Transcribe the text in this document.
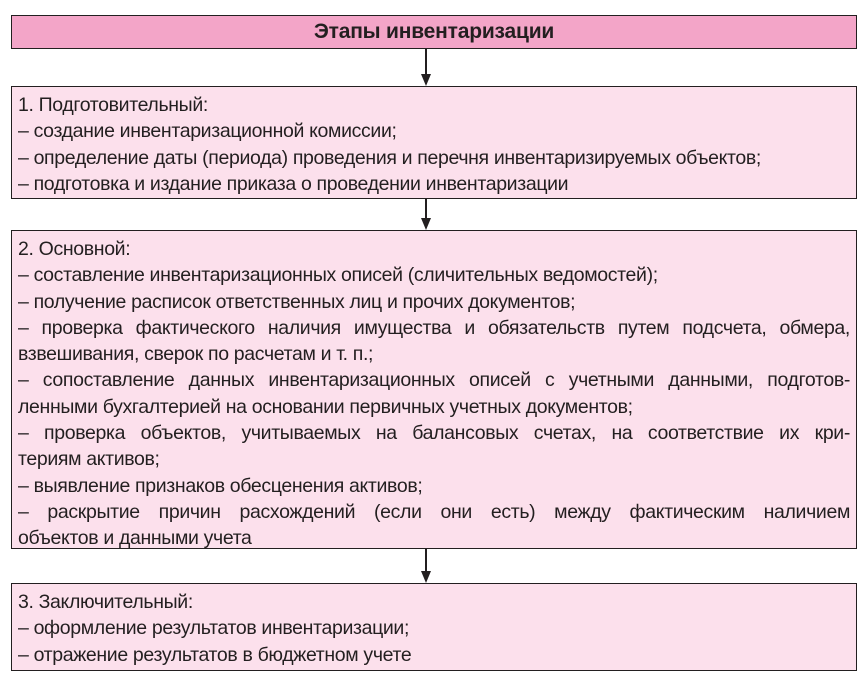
Этапы инвентаризации
1. Подготовительный:
– создание инвентаризационной комиссии;
– определение даты (периода) проведения и перечня инвентаризируемых объектов;
– подготовка и издание приказа о проведении инвентаризации
2. Основной:
– составление инвентаризационных описей (сличительных ведомостей);
– получение расписок ответственных лиц и прочих документов;
– проверка фактического наличия имущества и обязательств путем подсчета, обмера,
взвешивания, сверок по расчетам и т. п.;
– сопоставление данных инвентаризационных описей с учетными данными, подготов-
ленными бухгалтерией на основании первичных учетных документов;
– проверка объектов, учитываемых на балансовых счетах, на соответствие их кри-
териям активов;
– выявление признаков обесценения активов;
– раскрытие причин расхождений (если они есть) между фактическим наличием
объектов и данными учета
3. Заключительный:
– оформление результатов инвентаризации;
– отражение результатов в бюджетном учете
